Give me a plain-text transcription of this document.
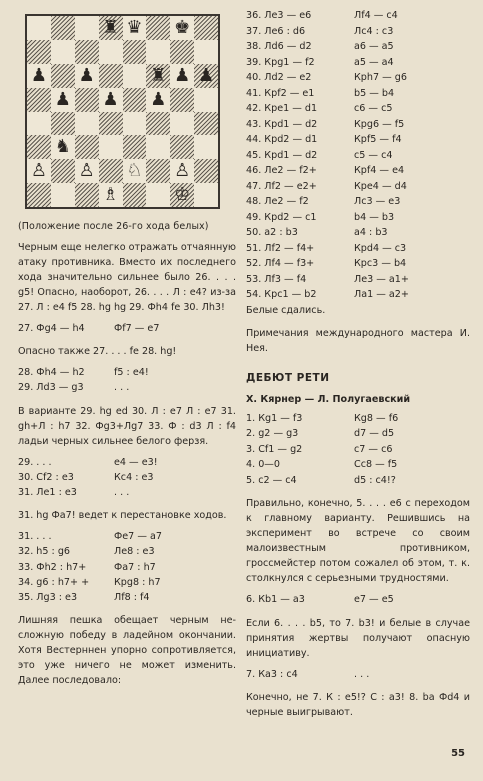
♜ ♛ ♚
♟ ♟	♜ ♟ ♟
♟ ♟ ♟
♞
♙ ♙ ♘ ♙
♗	♔
(Положение после 26-го хода белых)
Черным еще нелегко отражать отчаянную атаку противника. Вместо их последнего хода значительно сильнее было 26. . . . g5! Опасно, наоборот, 26. . . . Л : е4? из-за 27. Л : е4 f5 28. hg hg 29. Фh4 fe 30. Лh3!
27. Фg4 — h4	Фf7 — е7
Опасно также 27. . . . fe 28. hg!
28. Фh4 — h2	f5 : e4!
29. Лd3 — g3	. . .
В варианте 29. hg ed 30. Л : е7 Л : е7 31. gh+Л : h7 32. Фg3+Лg7 33. Ф : d3 Л : f4 ладьи черных сильнее белого ферзя.
29. . . .	е4 — е3!
30. Cf2 : e3	Кс4 : е3
31. Ле1 : е3	. . .
31. hg Фа7! ведет к перестановке ходов.
31. . . .	Фе7 — а7
32. h5 : g6	Ле8 : е3
33. Фh2 : h7+	Фа7 : h7
34. g6 : h7+ +	Кpg8 : h7
35. Лg3 : е3	Лf8 : f4
Лишняя пешка обещает черным несложную победу в ладейном окончании. Хотя Вестерннен упорно сопротивляется, это уже ничего не может изменить. Далее последовало:
36. Ле3 — е6	Лf4 — с4
37. Ле6 : d6	Лс4 : с3
38. Лd6 — d2	а6 — а5
39. Крg1 — f2	а5 — а4
40. Лd2 — е2	Крh7 — g6
41. Крf2 — е1	b5 — b4
42. Кре1 — d1	с6 — с5
43. Крd1 — d2	Крg6 — f5
44. Крd2 — d1	Крf5 — f4
45. Крd1 — d2	с5 — с4
46. Ле2 — f2+	Крf4 — е4
47. Лf2 — е2+	Кре4 — d4
48. Ле2 — f2	Лс3 — е3
49. Крd2 — с1	b4 — b3
50. а2 : b3	а4 : b3
51. Лf2 — f4+	Крd4 — с3
52. Лf4 — f3+	Крс3 — b4
53. Лf3 — f4	Ле3 — а1+
54. Крс1 — b2	Ла1 — а2+
Белые сдались.
Примечания международного мастера И. Нея.
ДЕБЮТ РЕТИ
Х. Кярнер — Л. Полугаевский
1. Кg1 — f3	Кg8 — f6
2. g2 — g3	d7 — d5
3. Сf1 — g2	с7 — с6
4. 0—0	Сс8 — f5
5. с2 — с4	d5 : с4!?
Правильно, конечно, 5. . . . е6 с переходом к главному варианту. Решившись на эксперимент во встрече со своим малоизвестным противником, гроссмейстер потом сожалел об этом, т. к. столкнулся с серьезными трудностями.
6. Кb1 — а3	е7 — е5
Если 6. . . . b5, то 7. b3! и белые в случае принятия жертвы получают опасную инициативу.
7. Ка3 : с4	. . .
Конечно, не 7. К : е5!? С : а3! 8. bа Фd4 и черные выигрывают.
55
